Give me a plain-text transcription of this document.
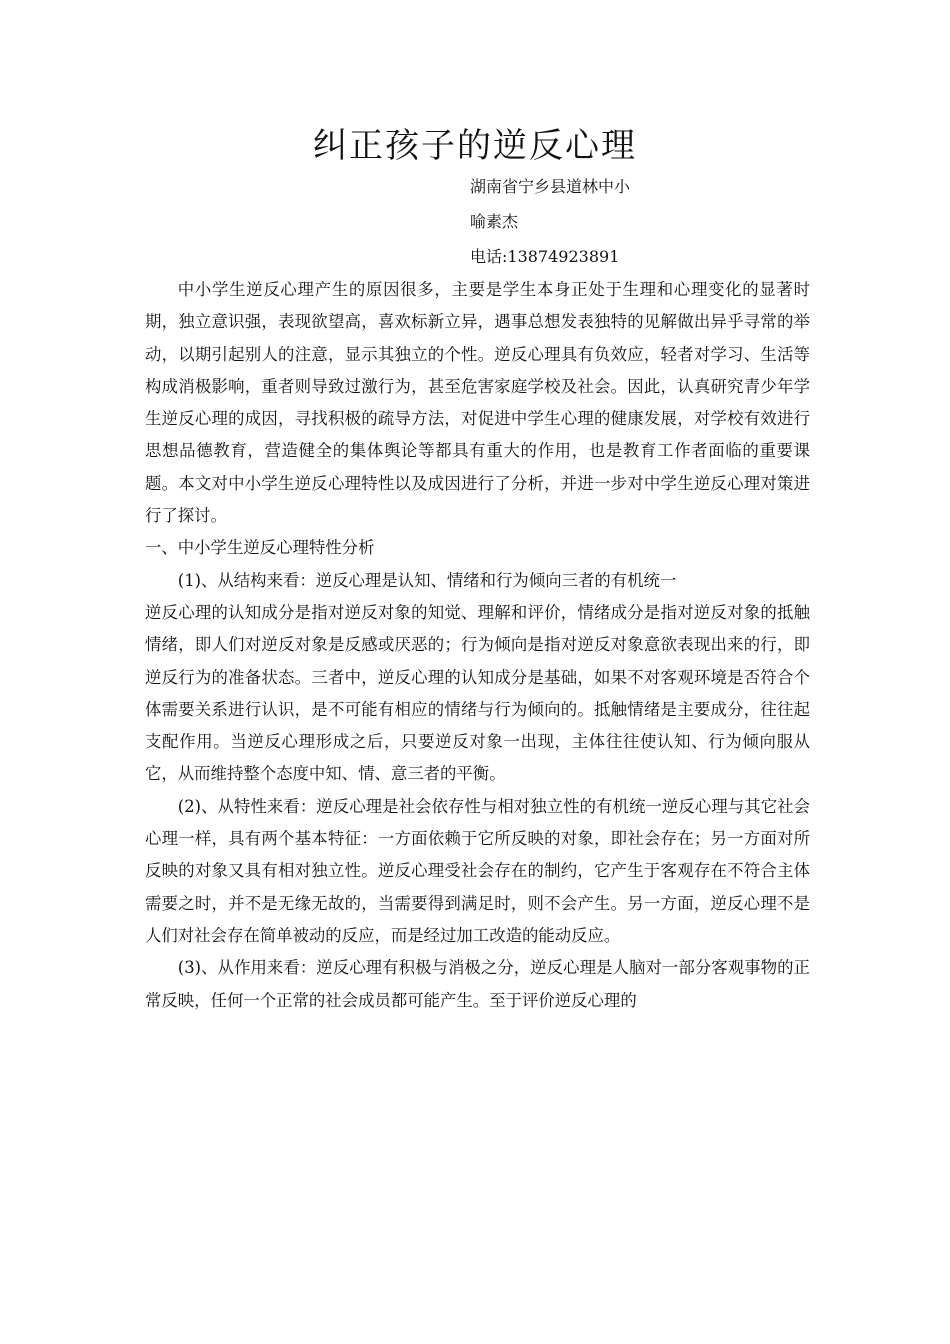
纠正孩子的逆反心理
湖南省宁乡县道林中小
喻素杰
电话:13874923891

中小学生逆反心理产生的原因很多，主要是学生本身正处于生理和心理变化的显著时期，独立意识强，表现欲望高，喜欢标新立异，遇事总想发表独特的见解做出异乎寻常的举动，以期引起别人的注意，显示其独立的个性。逆反心理具有负效应，轻者对学习、生活等构成消极影响，重者则导致过激行为，甚至危害家庭学校及社会。因此，认真研究青少年学生逆反心理的成因，寻找积极的疏导方法，对促进中学生心理的健康发展，对学校有效进行思想品德教育，营造健全的集体舆论等都具有重大的作用，也是教育工作者面临的重要课题。本文对中小学生逆反心理特性以及成因进行了分析，并进一步对中学生逆反心理对策进行了探讨。

一、中小学生逆反心理特性分析

(1)、从结构来看：逆反心理是认知、情绪和行为倾向三者的有机统一

逆反心理的认知成分是指对逆反对象的知觉、理解和评价，情绪成分是指对逆反对象的抵触情绪，即人们对逆反对象是反感或厌恶的；行为倾向是指对逆反对象意欲表现出来的行，即逆反行为的准备状态。三者中，逆反心理的认知成分是基础，如果不对客观环境是否符合个体需要关系进行认识，是不可能有相应的情绪与行为倾向的。抵触情绪是主要成分，往往起支配作用。当逆反心理形成之后，只要逆反对象一出现，主体往往使认知、行为倾向服从它，从而维持整个态度中知、情、意三者的平衡。

(2)、从特性来看：逆反心理是社会依存性与相对独立性的有机统一逆反心理与其它社会心理一样，具有两个基本特征：一方面依赖于它所反映的对象，即社会存在；另一方面对所反映的对象又具有相对独立性。逆反心理受社会存在的制约，它产生于客观存在不符合主体需要之时，并不是无缘无故的，当需要得到满足时，则不会产生。另一方面，逆反心理不是人们对社会存在简单被动的反应，而是经过加工改造的能动反应。

(3)、从作用来看：逆反心理有积极与消极之分，逆反心理是人脑对一部分客观事物的正常反映，任何一个正常的社会成员都可能产生。至于评价逆反心理的
